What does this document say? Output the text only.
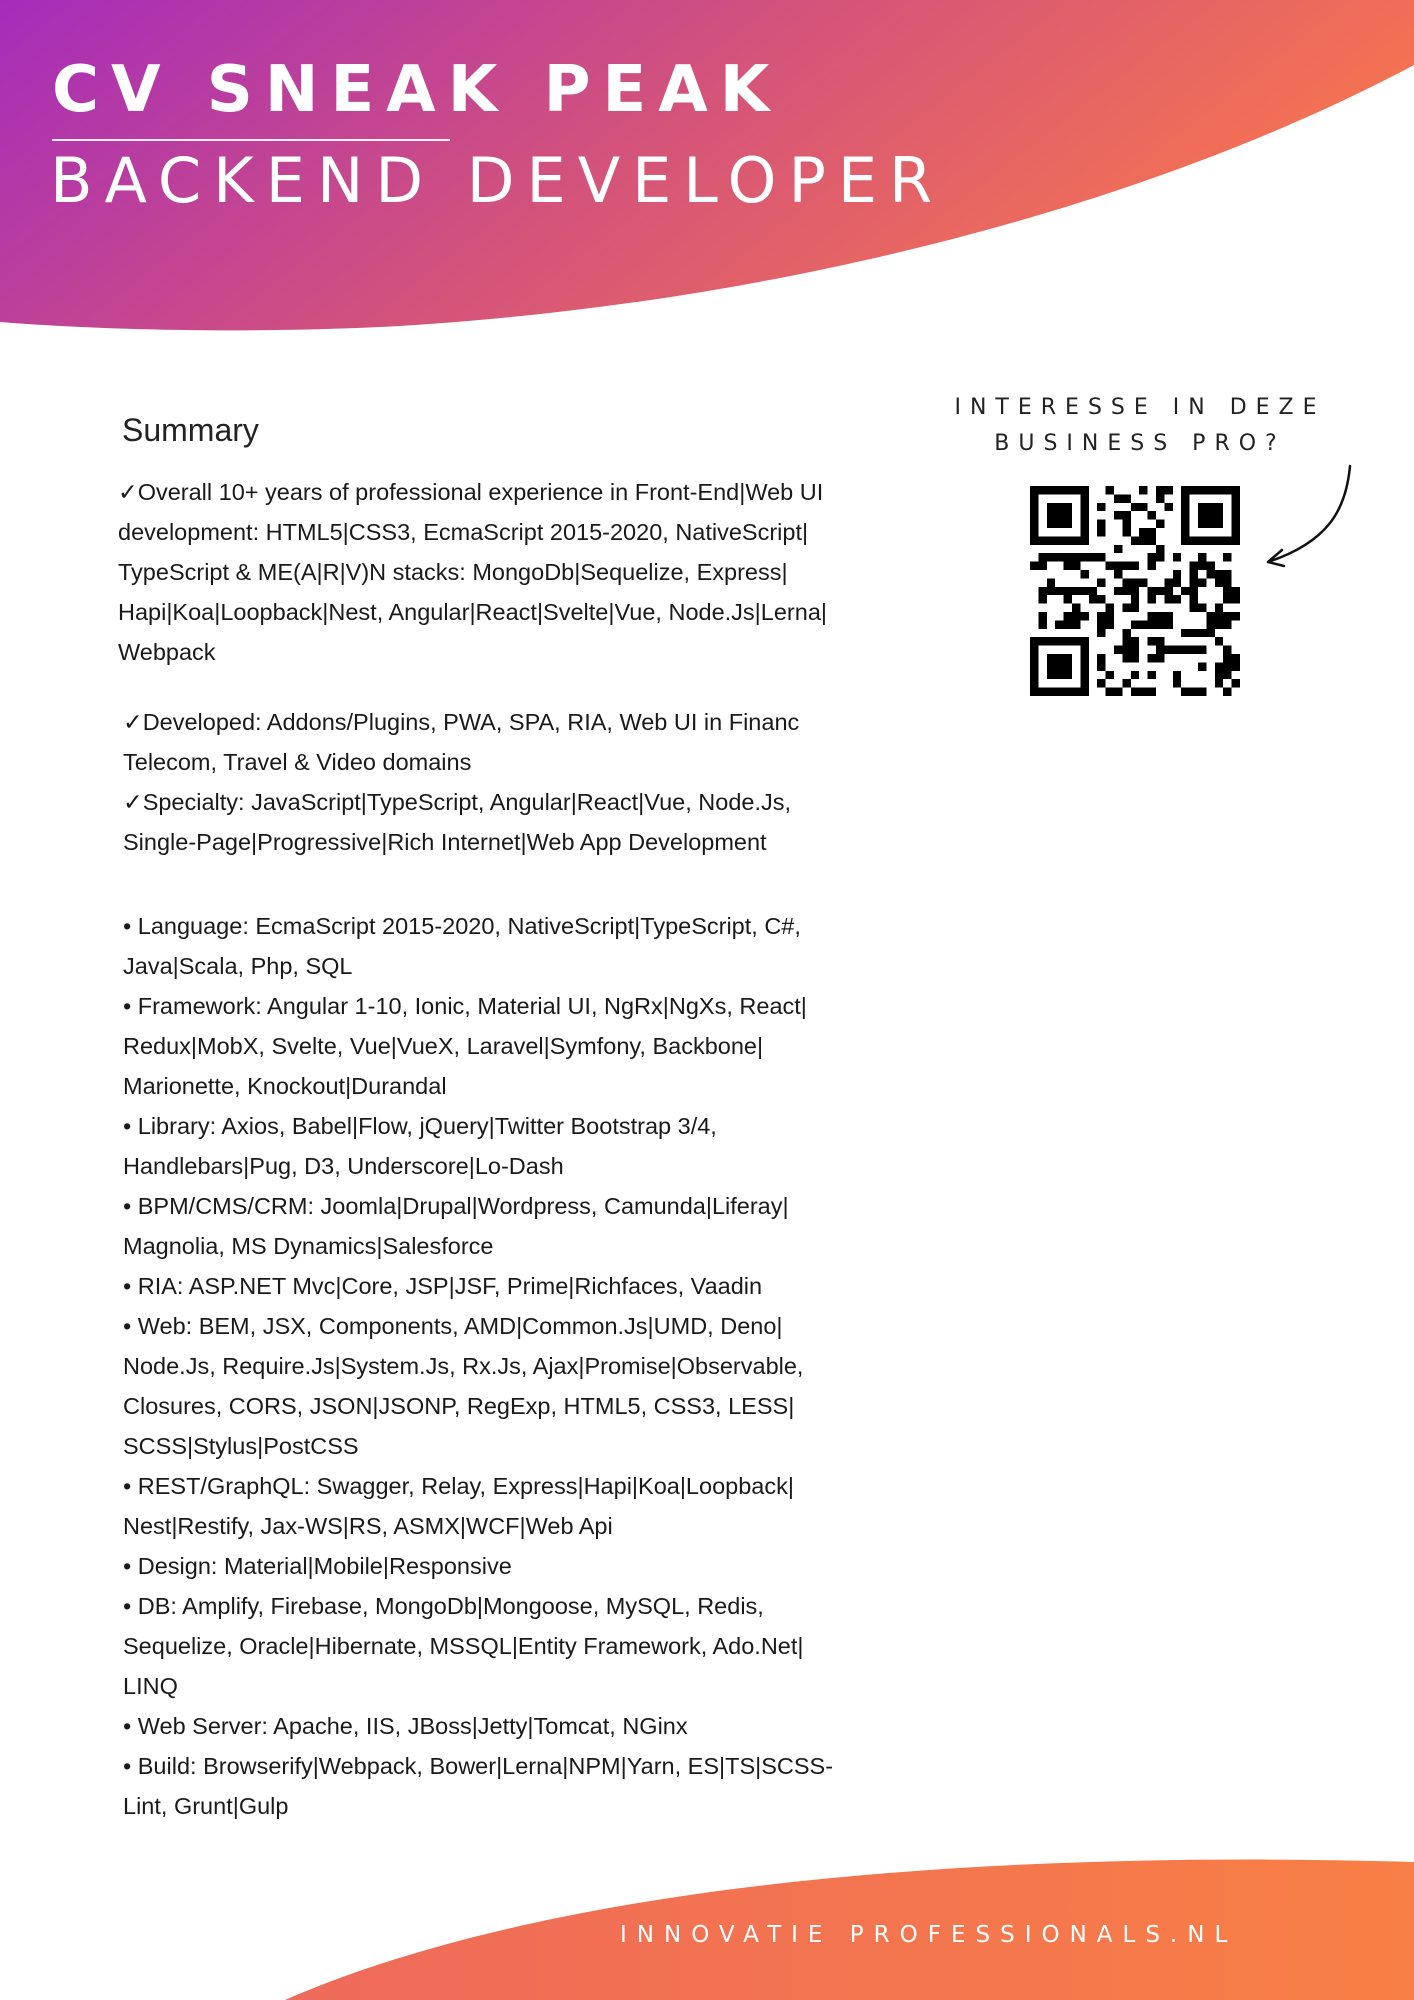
CV SNEAK PEAK
BACKEND DEVELOPER
Summary

✓Overall 10+ years of professional experience in Front-End|Web UI
development: HTML5|CSS3, EcmaScript 2015-2020, NativeScript|
TypeScript & ME(A|R|V)N stacks: MongoDb|Sequelize, Express|
Hapi|Koa|Loopback|Nest, Angular|React|Svelte|Vue, Node.Js|Lerna|
Webpack

✓Developed: Addons/Plugins, PWA, SPA, RIA, Web UI in Financ
Telecom, Travel & Video domains

✓Specialty: JavaScript|TypeScript, Angular|React|Vue, Node.Js,
Single-Page|Progressive|Rich Internet|Web App Development

• Language: EcmaScript 2015-2020, NativeScript|TypeScript, C#,
Java|Scala, Php, SQL

• Framework: Angular 1-10, Ionic, Material UI, NgRx|NgXs, React|
Redux|MobX, Svelte, Vue|VueX, Laravel|Symfony, Backbone|
Marionette, Knockout|Durandal

• Library: Axios, Babel|Flow, jQuery|Twitter Bootstrap 3/4,
Handlebars|Pug, D3, Underscore|Lo-Dash

• BPM/CMS/CRM: Joomla|Drupal|Wordpress, Camunda|Liferay|
Magnolia, MS Dynamics|Salesforce

• RIA: ASP.NET Mvc|Core, JSP|JSF, Prime|Richfaces, Vaadin

• Web: BEM, JSX, Components, AMD|Common.Js|UMD, Deno|
Node.Js, Require.Js|System.Js, Rx.Js, Ajax|Promise|Observable,
Closures, CORS, JSON|JSONP, RegExp, HTML5, CSS3, LESS|
SCSS|Stylus|PostCSS

• REST/GraphQL: Swagger, Relay, Express|Hapi|Koa|Loopback|
Nest|Restify, Jax-WS|RS, ASMX|WCF|Web Api

• Design: Material|Mobile|Responsive

• DB: Amplify, Firebase, MongoDb|Mongoose, MySQL, Redis,
Sequelize, Oracle|Hibernate, MSSQL|Entity Framework, Ado.Net|
LINQ

• Web Server: Apache, IIS, JBoss|Jetty|Tomcat, NGinx

• Build: Browserify|Webpack, Bower|Lerna|NPM|Yarn, ES|TS|SCSS-
Lint, Grunt|Gulp

INTERESSE IN DEZE
BUSINESS PRO?
INNOVATIE PROFESSIONALS.NL
